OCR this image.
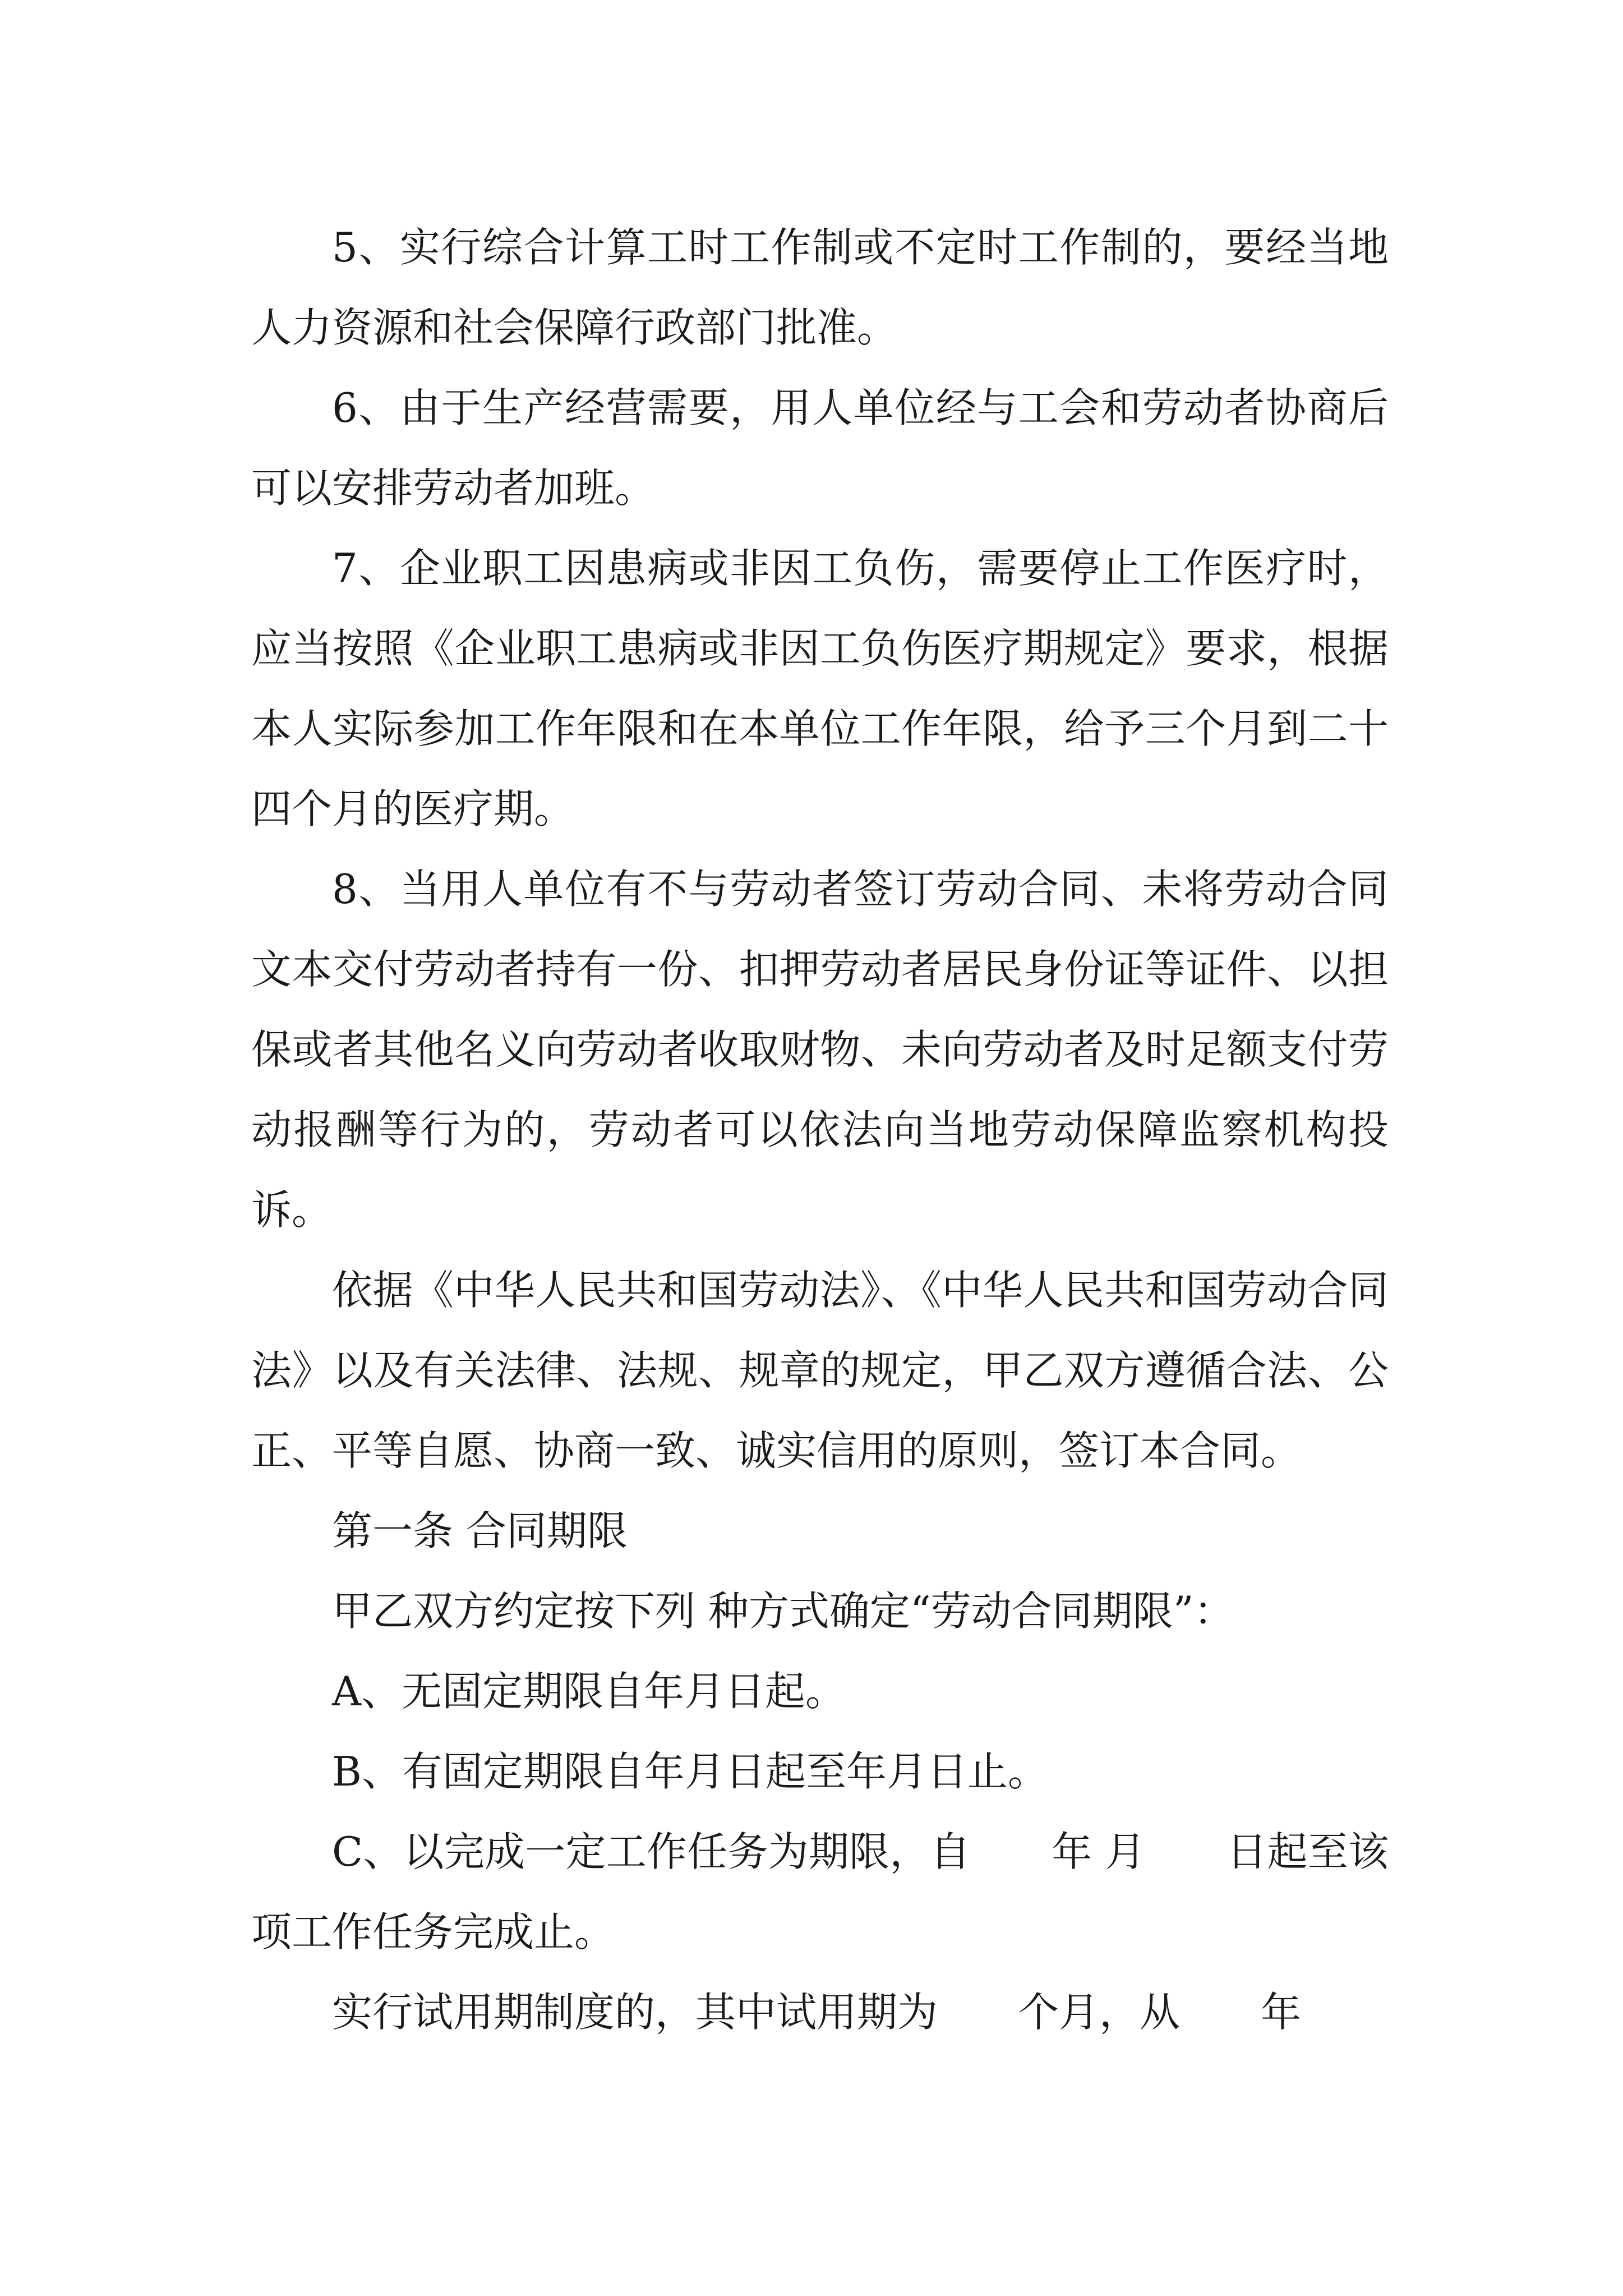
5、实行综合计算工时工作制或不定时工作制的，要经当地人力资源和社会保障行政部门批准。

6、由于生产经营需要，用人单位经与工会和劳动者协商后可以安排劳动者加班。

7、企业职工因患病或非因工负伤，需要停止工作医疗时，应当按照《企业职工患病或非因工负伤医疗期规定》要求，根据本人实际参加工作年限和在本单位工作年限，给予三个月到二十四个月的医疗期。

8、当用人单位有不与劳动者签订劳动合同、未将劳动合同文本交付劳动者持有一份、扣押劳动者居民身份证等证件、以担保或者其他名义向劳动者收取财物、未向劳动者及时足额支付劳动报酬等行为的，劳动者可以依法向当地劳动保障监察机构投诉。

依据《中华人民共和国劳动法》、《中华人民共和国劳动合同法》以及有关法律、法规、规章的规定，甲乙双方遵循合法、公正、平等自愿、协商一致、诚实信用的原则，签订本合同。

第一条 合同期限

甲乙双方约定按下列 种方式确定“劳动合同期限”：

A、无固定期限自年月日起。

B、有固定期限自年月日起至年月日止。

C、以完成一定工作任务为期限，自　　年 月　　日起至该项工作任务完成止。

实行试用期制度的，其中试用期为　　个月，从　　年
